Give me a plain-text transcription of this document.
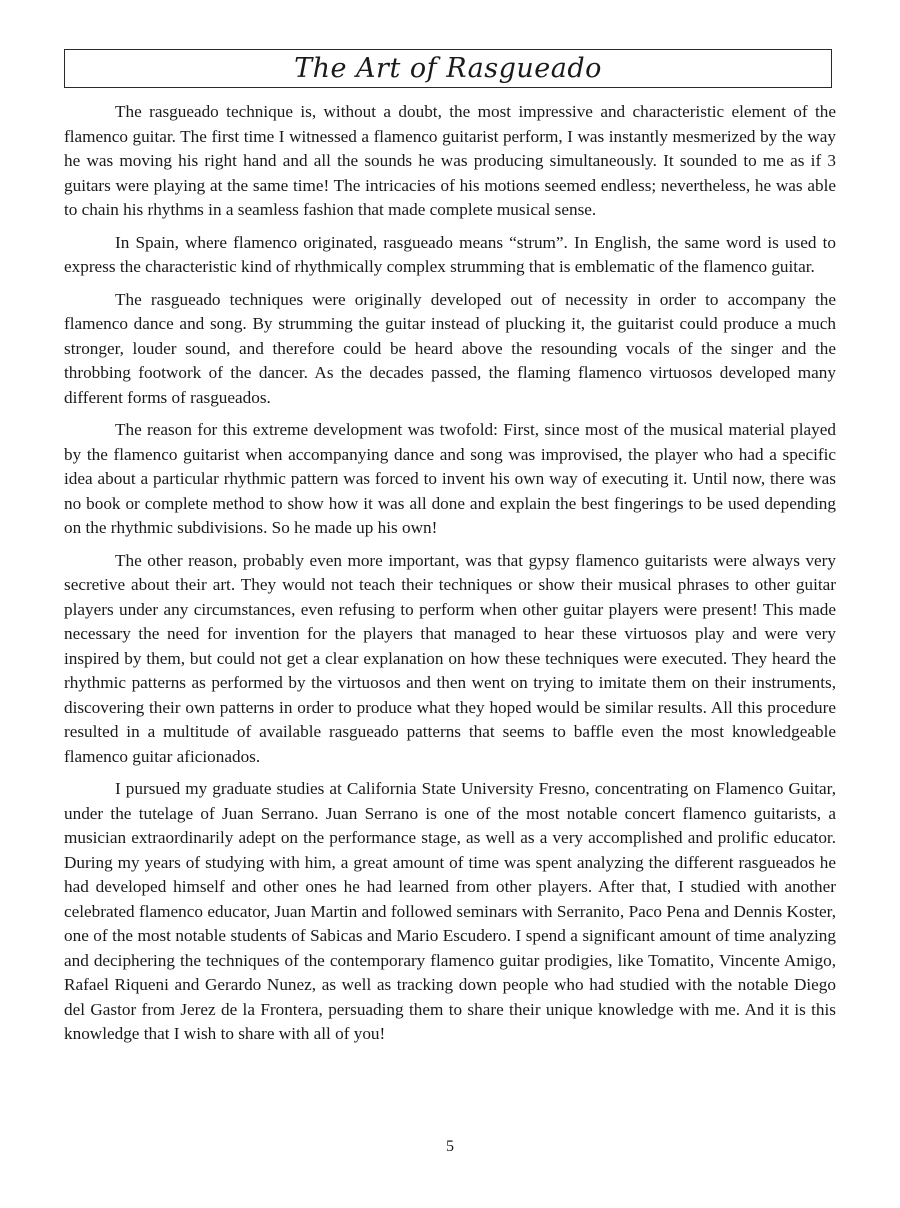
The Art of Rasgueado

The rasgueado technique is, without a doubt, the most impressive and characteristic element of the flamenco guitar. The first time I witnessed a flamenco guitarist perform, I was instantly mesmerized by the way he was moving his right hand and all the sounds he was producing simultaneously. It sounded to me as if 3 guitars were playing at the same time! The intricacies of his motions seemed endless; nevertheless, he was able to chain his rhythms in a seamless fashion that made complete musical sense.

In Spain, where flamenco originated, rasgueado means “strum”. In English, the same word is used to express the characteristic kind of rhythmically complex strumming that is emblematic of the flamenco guitar.

The rasgueado techniques were originally developed out of necessity in order to accompany the flamenco dance and song. By strumming the guitar instead of plucking it, the guitarist could produce a much stronger, louder sound, and therefore could be heard above the resounding vocals of the singer and the throbbing footwork of the dancer. As the decades passed, the flaming flamenco virtuosos developed many different forms of rasgueados.

The reason for this extreme development was twofold: First, since most of the musical material played by the flamenco guitarist when accompanying dance and song was improvised, the player who had a specific idea about a particular rhythmic pattern was forced to invent his own way of executing it. Until now, there was no book or complete method to show how it was all done and explain the best fingerings to be used depending on the rhythmic subdivisions. So he made up his own!

The other reason, probably even more important, was that gypsy flamenco guitarists were always very secretive about their art. They would not teach their techniques or show their musical phrases to other guitar players under any circumstances, even refusing to perform when other guitar players were present! This made necessary the need for invention for the players that managed to hear these virtuosos play and were very inspired by them, but could not get a clear explanation on how these techniques were executed. They heard the rhythmic patterns as performed by the virtuosos and then went on trying to imitate them on their instruments, discovering their own patterns in order to produce what they hoped would be similar results. All this procedure resulted in a multitude of available rasgueado patterns that seems to baffle even the most knowledgeable flamenco guitar aficionados.

I pursued my graduate studies at California State University Fresno, concentrating on Flamenco Guitar, under the tutelage of Juan Serrano. Juan Serrano is one of the most notable concert flamenco guitarists, a musician extraordinarily adept on the performance stage, as well as a very accomplished and prolific educator. During my years of studying with him, a great amount of time was spent analyzing the different rasgueados he had developed himself and other ones he had learned from other players. After that, I studied with another celebrated flamenco educator, Juan Martin and followed seminars with Serranito, Paco Pena and Dennis Koster, one of the most notable students of Sabicas and Mario Escudero. I spend a significant amount of time analyzing and deciphering the techniques of the contemporary flamenco guitar prodigies, like Tomatito, Vincente Amigo, Rafael Riqueni and Gerardo Nunez, as well as tracking down people who had studied with the notable Diego del Gastor from Jerez de la Frontera, persuading them to share their unique knowledge with me. And it is this knowledge that I wish to share with all of you!

5
